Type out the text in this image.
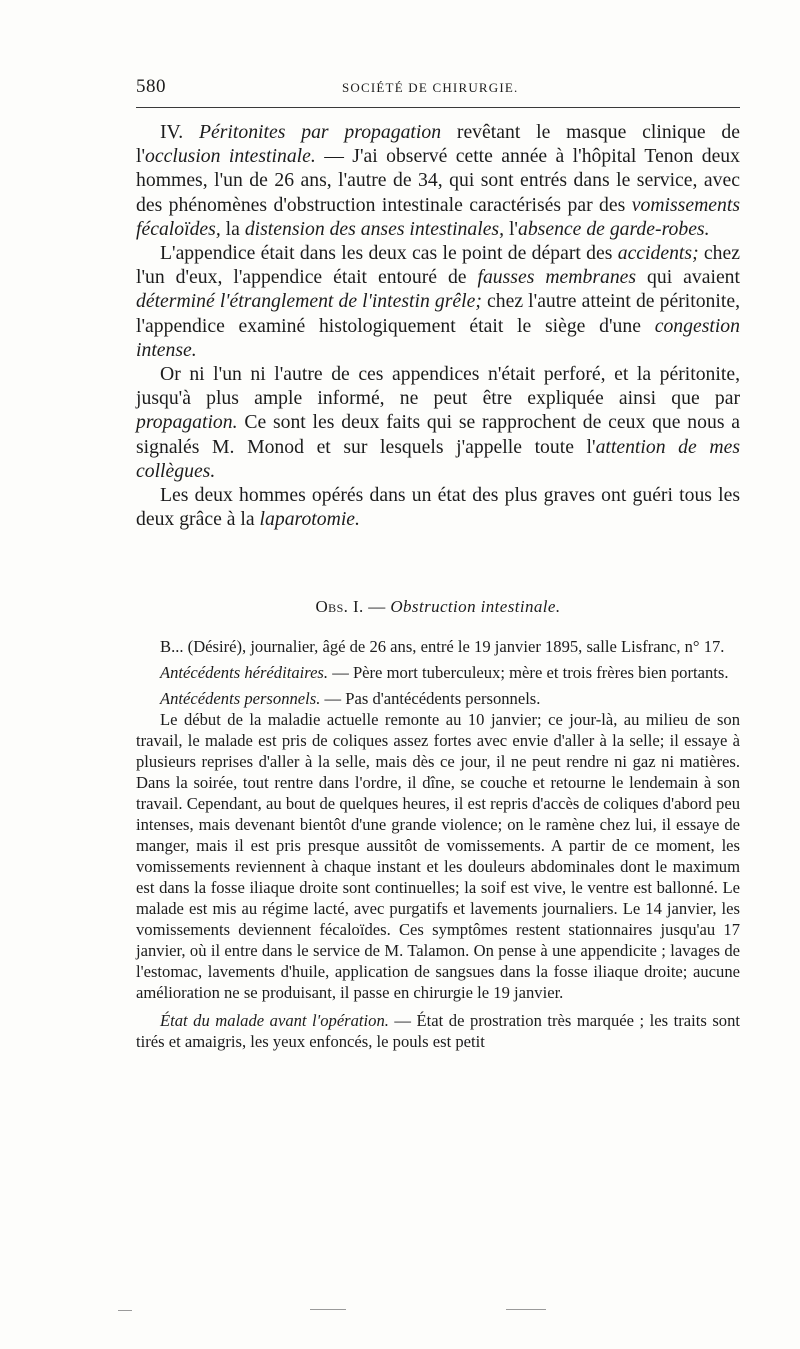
580	SOCIÉTÉ DE CHIRURGIE.

IV. Péritonites par propagation revêtant le masque clinique de l'occlusion intestinale. — J'ai observé cette année à l'hôpital Tenon deux hommes, l'un de 26 ans, l'autre de 34, qui sont entrés dans le service, avec des phénomènes d'obstruction intestinale caractérisés par des vomissements fécaloïdes, la distension des anses intestinales, l'absence de garde-robes.

L'appendice était dans les deux cas le point de départ des accidents; chez l'un d'eux, l'appendice était entouré de fausses membranes qui avaient déterminé l'étranglement de l'intestin grêle; chez l'autre atteint de péritonite, l'appendice examiné histologiquement était le siège d'une congestion intense.

Or ni l'un ni l'autre de ces appendices n'était perforé, et la péritonite, jusqu'à plus ample informé, ne peut être expliquée ainsi que par propagation. Ce sont les deux faits qui se rapprochent de ceux que nous a signalés M. Monod et sur lesquels j'appelle toute l'attention de mes collègues.

Les deux hommes opérés dans un état des plus graves ont guéri tous les deux grâce à la laparotomie.

Obs. I. — Obstruction intestinale.

B... (Désiré), journalier, âgé de 26 ans, entré le 19 janvier 1895, salle Lisfranc, n° 17.

Antécédents héréditaires. — Père mort tuberculeux; mère et trois frères bien portants.

Antécédents personnels. — Pas d'antécédents personnels.

Le début de la maladie actuelle remonte au 10 janvier; ce jour-là, au milieu de son travail, le malade est pris de coliques assez fortes avec envie d'aller à la selle; il essaye à plusieurs reprises d'aller à la selle, mais dès ce jour, il ne peut rendre ni gaz ni matières. Dans la soirée, tout rentre dans l'ordre, il dîne, se couche et retourne le lendemain à son travail. Cependant, au bout de quelques heures, il est repris d'accès de coliques d'abord peu intenses, mais devenant bientôt d'une grande violence; on le ramène chez lui, il essaye de manger, mais il est pris presque aussitôt de vomissements. A partir de ce moment, les vomissements reviennent à chaque instant et les douleurs abdominales dont le maximum est dans la fosse iliaque droite sont continuelles; la soif est vive, le ventre est ballonné. Le malade est mis au régime lacté, avec purgatifs et lavements journaliers. Le 14 janvier, les vomissements deviennent fécaloïdes. Ces symptômes restent stationnaires jusqu'au 17 janvier, où il entre dans le service de M. Talamon. On pense à une appendicite ; lavages de l'estomac, lavements d'huile, application de sangsues dans la fosse iliaque droite; aucune amélioration ne se produisant, il passe en chirurgie le 19 janvier.

État du malade avant l'opération. — État de prostration très marquée ; les traits sont tirés et amaigris, les yeux enfoncés, le pouls est petit
